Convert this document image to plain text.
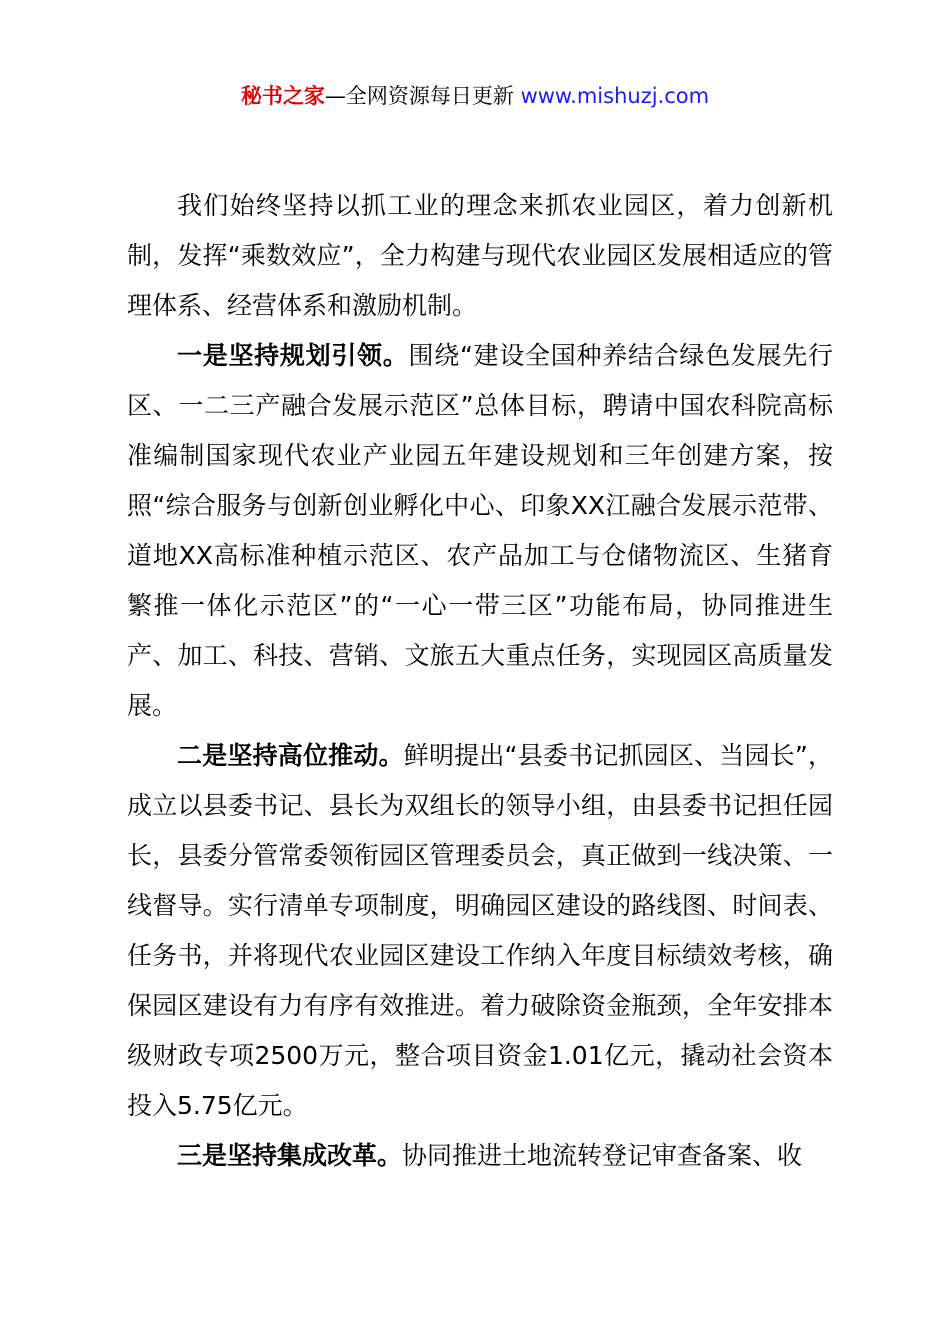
秘书之家—全网资源每日更新 www.mishuzj.com

我们始终坚持以抓工业的理念来抓农业园区，着力创新机制，发挥“乘数效应”，全力构建与现代农业园区发展相适应的管理体系、经营体系和激励机制。

一是坚持规划引领。围绕“建设全国种养结合绿色发展先行区、一二三产融合发展示范区”总体目标，聘请中国农科院高标准编制国家现代农业产业园五年建设规划和三年创建方案，按照“综合服务与创新创业孵化中心、印象XX江融合发展示范带、道地XX高标准种植示范区、农产品加工与仓储物流区、生猪育繁推一体化示范区”的“一心一带三区”功能布局，协同推进生产、加工、科技、营销、文旅五大重点任务，实现园区高质量发展。

二是坚持高位推动。鲜明提出“县委书记抓园区、当园长”，成立以县委书记、县长为双组长的领导小组，由县委书记担任园长，县委分管常委领衔园区管理委员会，真正做到一线决策、一线督导。实行清单专项制度，明确园区建设的路线图、时间表、任务书，并将现代农业园区建设工作纳入年度目标绩效考核，确保园区建设有力有序有效推进。着力破除资金瓶颈，全年安排本级财政专项2500万元，整合项目资金1.01亿元，撬动社会资本投入5.75亿元。

三是坚持集成改革。协同推进土地流转登记审查备案、收
